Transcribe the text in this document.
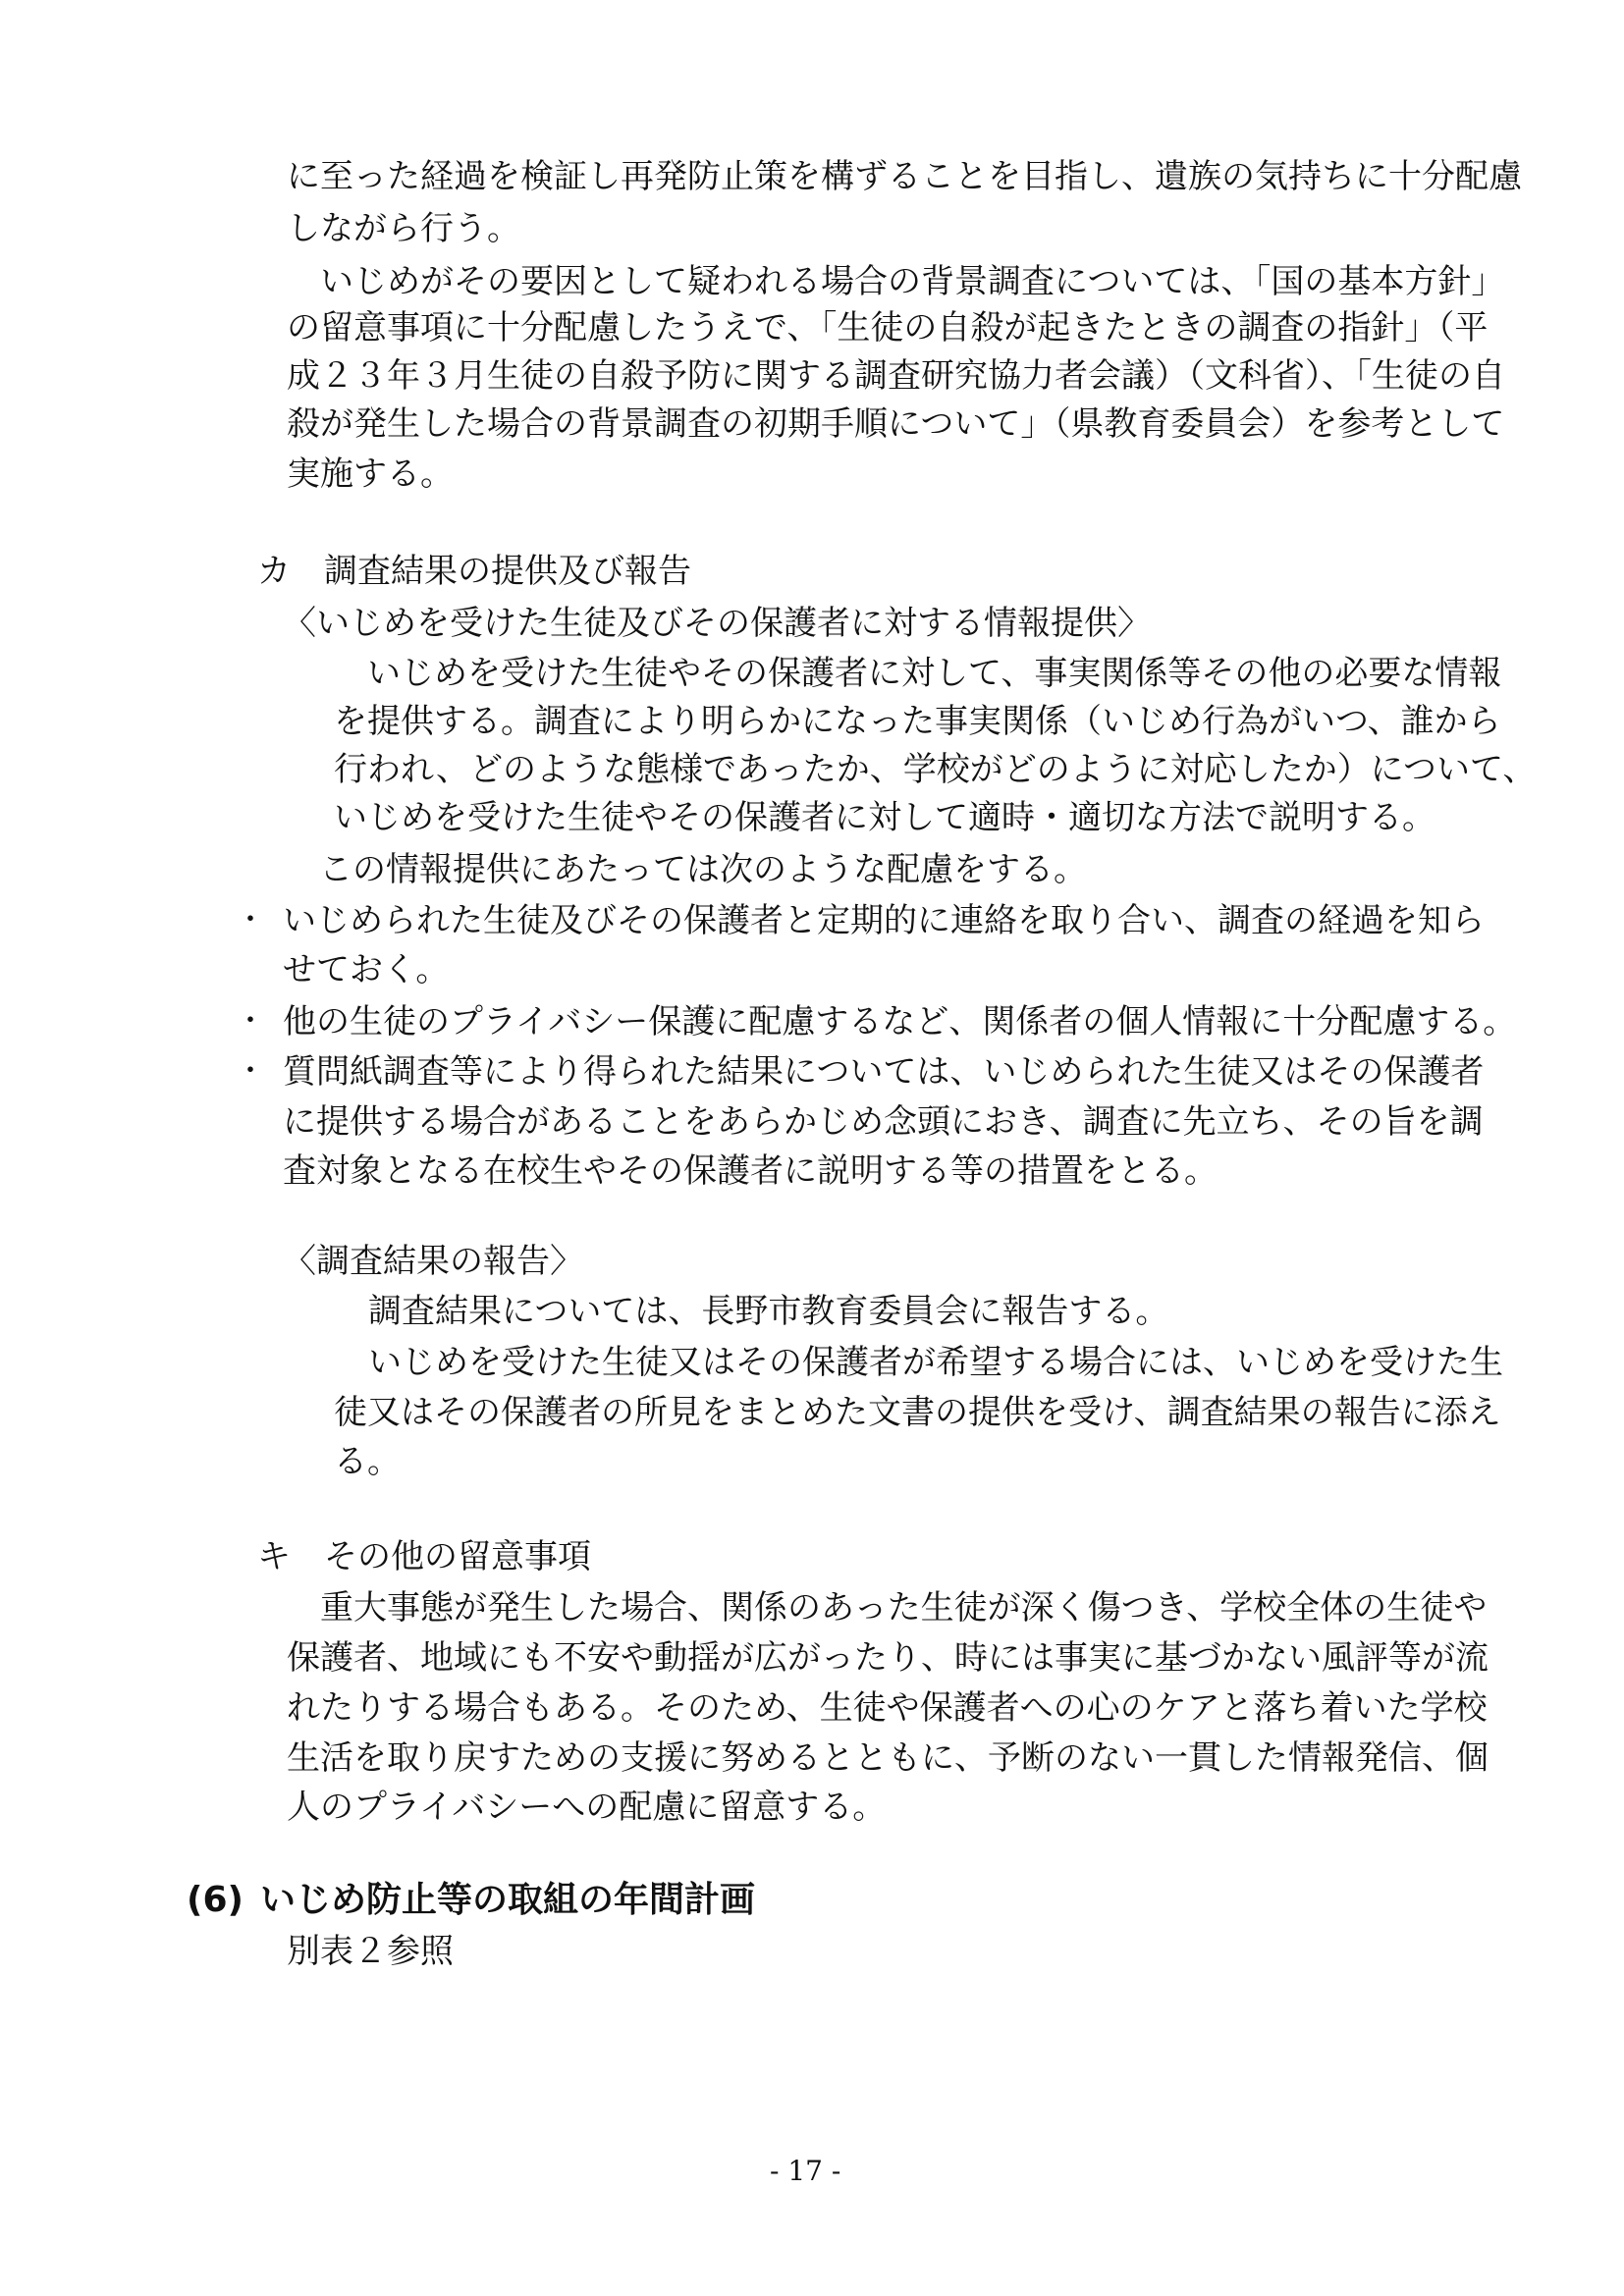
に至った経過を検証し再発防止策を構ずることを目指し、遺族の気持ちに十分配慮
しながら行う。
　いじめがその要因として疑われる場合の背景調査については、「国の基本方針」
の留意事項に十分配慮したうえで、「生徒の自殺が起きたときの調査の指針」（平
成２３年３月生徒の自殺予防に関する調査研究協力者会議）（文科省）、「生徒の自
殺が発生した場合の背景調査の初期手順について」（県教育委員会）を参考として
実施する。
カ　調査結果の提供及び報告
〈いじめを受けた生徒及びその保護者に対する情報提供〉
　いじめを受けた生徒やその保護者に対して、事実関係等その他の必要な情報
を提供する。調査により明らかになった事実関係（いじめ行為がいつ、誰から
行われ、どのような態様であったか、学校がどのように対応したか）について、
いじめを受けた生徒やその保護者に対して適時・適切な方法で説明する。
この情報提供にあたっては次のような配慮をする。
・ いじめられた生徒及びその保護者と定期的に連絡を取り合い、調査の経過を知ら
せておく。
・ 他の生徒のプライバシー保護に配慮するなど、関係者の個人情報に十分配慮する。
・ 質問紙調査等により得られた結果については、いじめられた生徒又はその保護者
に提供する場合があることをあらかじめ念頭におき、調査に先立ち、その旨を調
査対象となる在校生やその保護者に説明する等の措置をとる。
〈調査結果の報告〉
調査結果については、長野市教育委員会に報告する。
いじめを受けた生徒又はその保護者が希望する場合には、いじめを受けた生
徒又はその保護者の所見をまとめた文書の提供を受け、調査結果の報告に添え
る。
キ　その他の留意事項
　重大事態が発生した場合、関係のあった生徒が深く傷つき、学校全体の生徒や
保護者、地域にも不安や動揺が広がったり、時には事実に基づかない風評等が流
れたりする場合もある。そのため、生徒や保護者への心のケアと落ち着いた学校
生活を取り戻すための支援に努めるとともに、予断のない一貫した情報発信、個
人のプライバシーへの配慮に留意する。
(6) いじめ防止等の取組の年間計画
別表２参照
- 17 -
